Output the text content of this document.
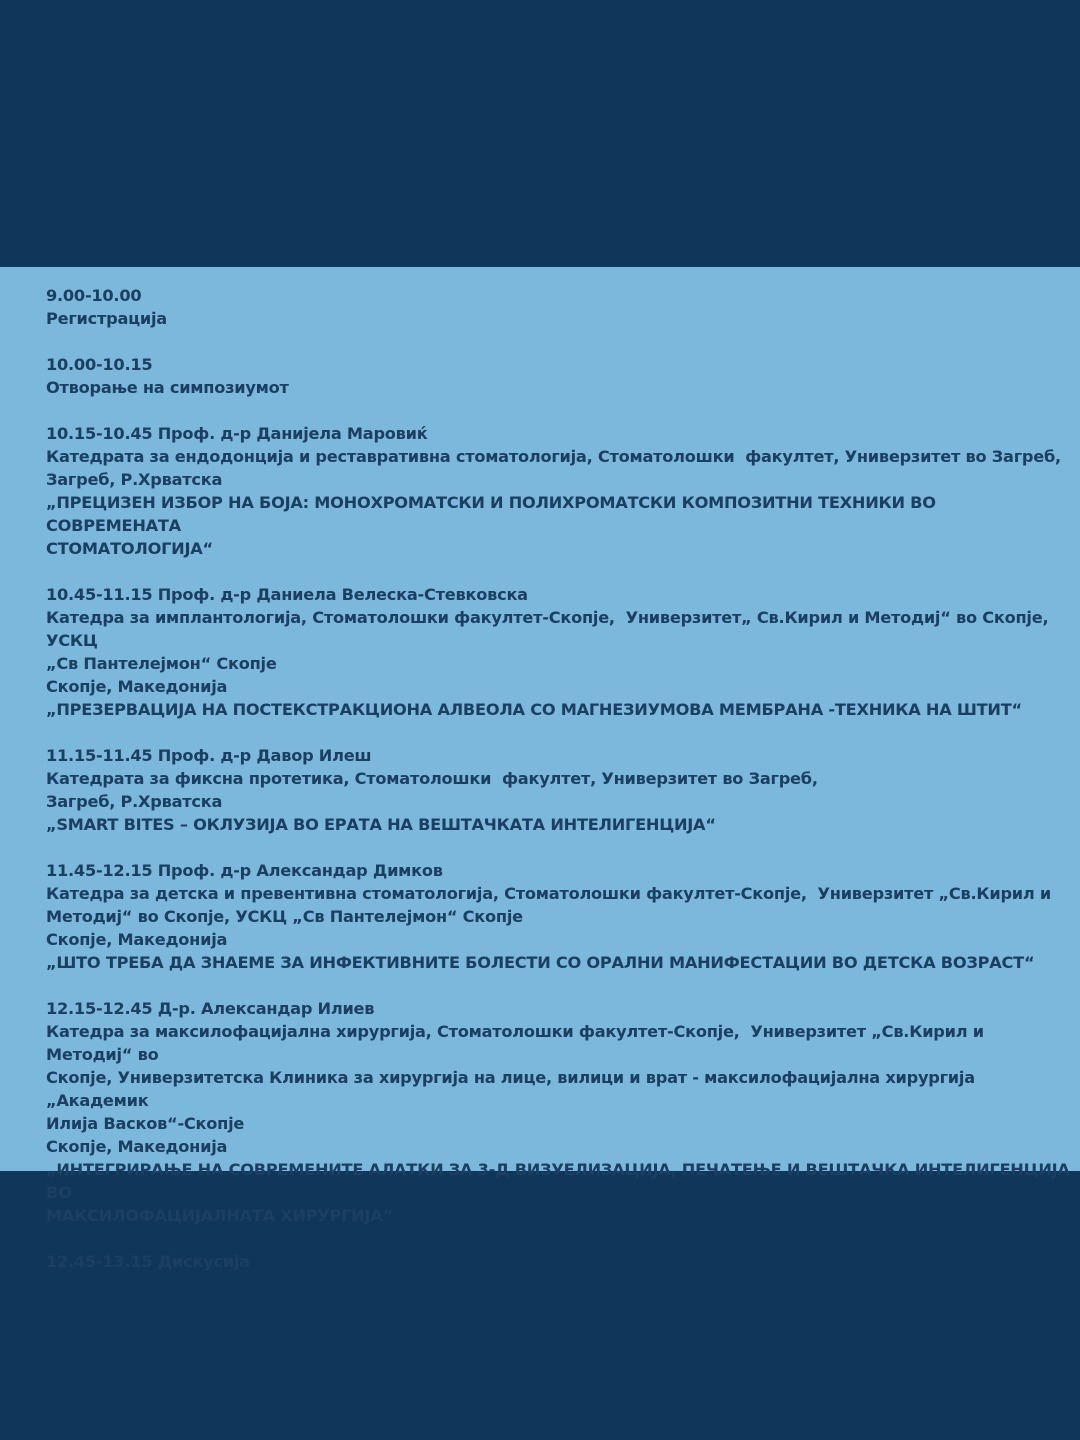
9.00-10.00
Регистрација
10.00-10.15
Отворање на симпозиумот
10.15-10.45 Проф. д-р Данијела Маровиќ
Катедрата за ендодонција и реставративна стоматологија, Стоматолошки  факултет, Универзитет во Загреб,
Загреб, Р.Хрватска
„ПРЕЦИЗЕН ИЗБОР НА БОЈА: МОНОХРОМАТСКИ И ПОЛИХРОМАТСКИ КОМПОЗИТНИ ТЕХНИКИ ВО СОВРЕМЕНАТА
СТОМАТОЛОГИЈА“
10.45-11.15 Проф. д-р Даниела Велеска-Стевковска
Катедра за имплантологија, Стоматолошки факултет-Скопје,  Универзитет„ Св.Кирил и Методиј“ во Скопје, УСКЦ
„Св Пантелејмон“ Скопје
Скопје, Македонија
„ПРЕЗЕРВАЦИЈА НА ПОСТЕКСТРАКЦИОНА АЛВЕОЛА СО МАГНЕЗИУМОВА МЕМБРАНА -ТЕХНИКА НА ШТИТ“
11.15-11.45 Проф. д-р Давор Илеш
Катедрата за фиксна протетика, Стоматолошки  факултет, Универзитет во Загреб,
Загреб, Р.Хрватска
„SMART BITES – ОКЛУЗИЈА ВО ЕРАТА НА ВЕШТАЧКАТА ИНТЕЛИГЕНЦИЈА“
11.45-12.15 Проф. д-р Александар Димков
Катедра за детска и превентивна стоматологија, Стоматолошки факултет-Скопје,  Универзитет „Св.Кирил и
Методиј“ во Скопје, УСКЦ „Св Пантелејмон“ Скопје
Скопје, Македонија
„ШТО ТРЕБА ДА ЗНАЕМЕ ЗА ИНФЕКТИВНИТЕ БОЛЕСТИ СО ОРАЛНИ МАНИФЕСТАЦИИ ВО ДЕТСКА ВОЗРАСТ“
12.15-12.45 Д-р. Александар Илиев
Катедра за максилофацијална хирургија, Стоматолошки факултет-Скопје,  Универзитет „Св.Кирил и Методиј“ во
Скопје, Универзитетска Клиника за хирургија на лице, вилици и врат - максилофацијална хирургија „Академик
Илија Васков“-Скопје
Скопје, Македонија
„ИНТЕГРИРАЊЕ НА СОВРЕМЕНИТЕ АЛАТКИ ЗА 3-Д ВИЗУЕЛИЗАЦИЈА, ПЕЧАТЕЊЕ И ВЕШТАЧКА ИНТЕЛИГЕНЦИЈА ВО
МАКСИЛОФАЦИЈАЛНАТА ХИРУРГИЈА“
12.45-13.15 Дискусија
